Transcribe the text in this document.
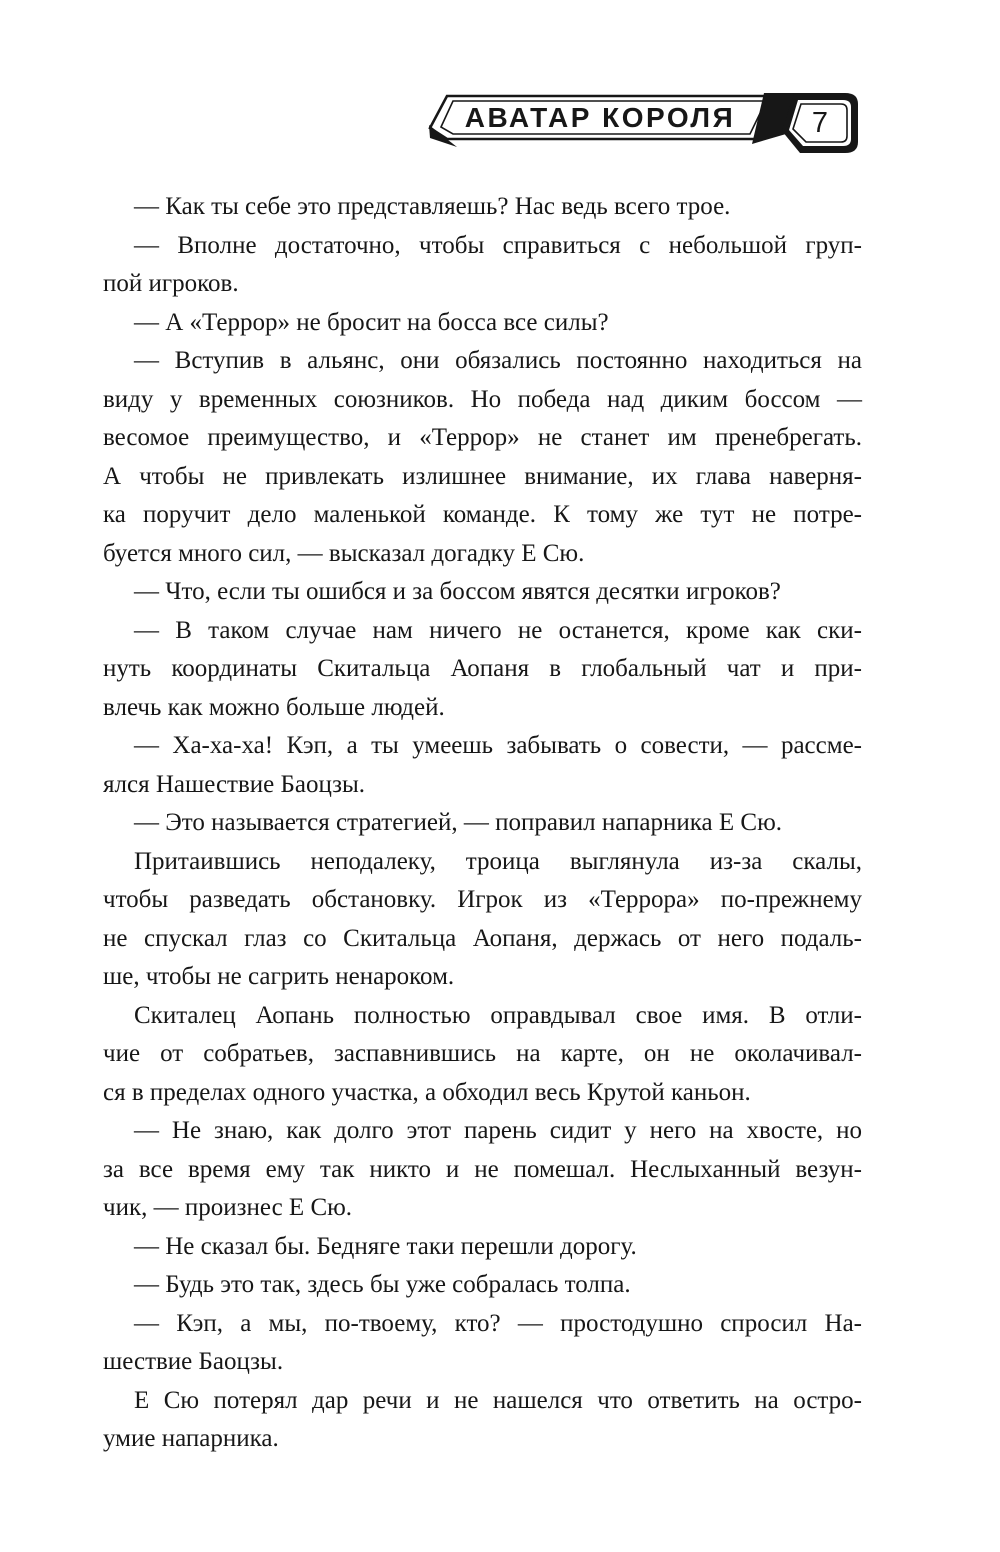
АВАТАР КОРОЛЯ	7
— Как ты себе это представляешь? Нас ведь всего трое.
— Вполне достаточно, чтобы справиться с небольшой груп-
пой игроков.
— А «Террор» не бросит на босса все силы?
— Вступив в альянс, они обязались постоянно находиться на
виду у временных союзников. Но победа над диким боссом —
весомое преимущество, и «Террор» не станет им пренебрегать.
А чтобы не привлекать излишнее внимание, их глава наверня-
ка поручит дело маленькой команде. К тому же тут не потре-
буется много сил, — высказал догадку Е Сю.
— Что, если ты ошибся и за боссом явятся десятки игроков?
— В таком случае нам ничего не останется, кроме как ски-
нуть координаты Скитальца Аопаня в глобальный чат и при-
влечь как можно больше людей.
— Ха-ха-ха! Кэп, а ты умеешь забывать о совести, — рассме-
ялся Нашествие Баоцзы.
— Это называется стратегией, — поправил напарника Е Сю.
Притаившись неподалеку, троица выглянула из-за скалы,
чтобы разведать обстановку. Игрок из «Террора» по-прежнему
не спускал глаз со Скитальца Аопаня, держась от него подаль-
ше, чтобы не сагрить ненароком.
Скиталец Аопань полностью оправдывал свое имя. В отли-
чие от собратьев, заспавнившись на карте, он не околачивал-
ся в пределах одного участка, а обходил весь Крутой каньон.
— Не знаю, как долго этот парень сидит у него на хвосте, но
за все время ему так никто и не помешал. Неслыханный везун-
чик, — произнес Е Сю.
— Не сказал бы. Бедняге таки перешли дорогу.
— Будь это так, здесь бы уже собралась толпа.
— Кэп, а мы, по-твоему, кто? — простодушно спросил На-
шествие Баоцзы.
Е Сю потерял дар речи и не нашелся что ответить на остро-
умие напарника.
